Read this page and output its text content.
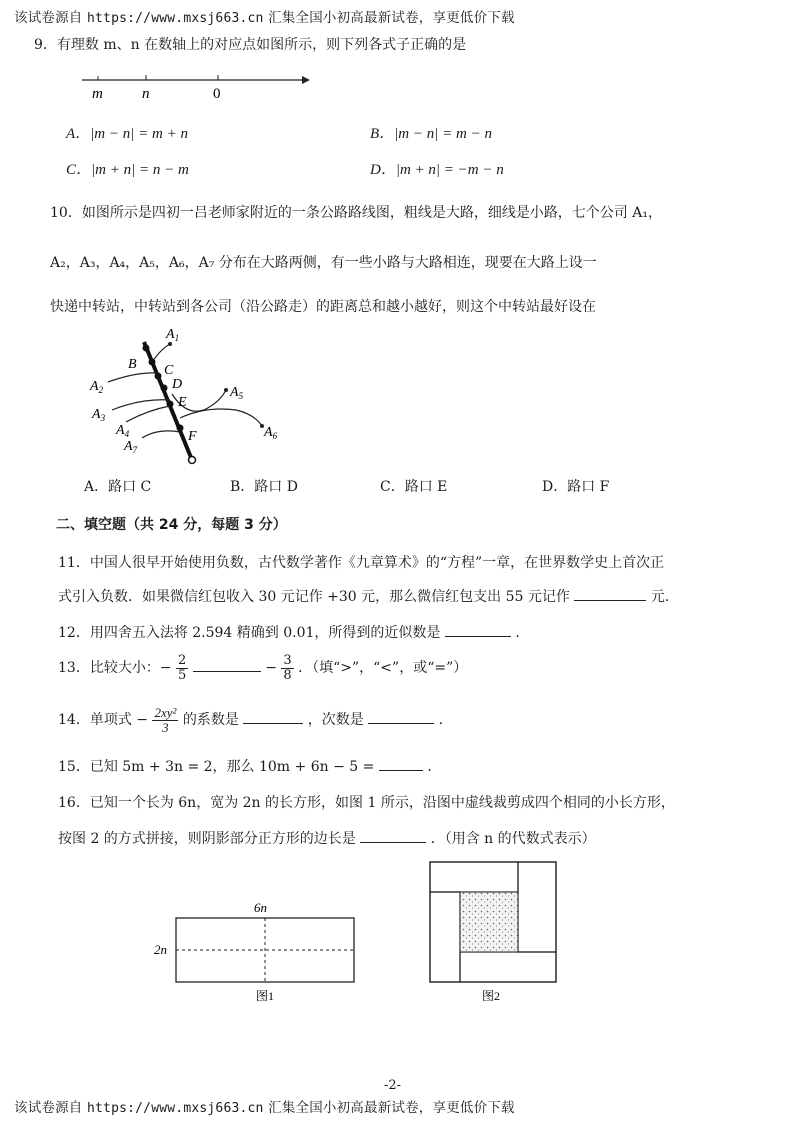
该试卷源自 https://www.mxsj663.cn 汇集全国小初高最新试卷，享更低价下载
9．有理数 m、n 在数轴上的对应点如图所示，则下列各式子正确的是
m	n	0
A．|m − n| = m + n	B．|m − n| = m − n
C．|m + n| = n − m	D．|m + n| = −m − n
10．如图所示是四初一吕老师家附近的一条公路路线图，粗线是大路，细线是小路，七个公司 A₁，
A₂，A₃，A₄，A₅，A₆，A₇ 分布在大路两侧，有一些小路与大路相连，现要在大路上设一
快递中转站，中转站到各公司（沿公路走）的距离总和越小越好，则这个中转站最好设在
$A_1$
B C
D
$A_2$
E
$A_5$
$A_3$
$A_4$	$A_6$
F
$A_7$
A．路口 C	B．路口 D	C．路口 E	D．路口 F
二、填空题（共 24 分，每题 3 分）
11．中国人很早开始使用负数，古代数学著作《九章算术》的“方程”一章，在世界数学史上首次正
式引入负数．如果微信红包收入 30 元记作 +30 元，那么微信红包支出 55 元记作	元.
12．用四舍五入法将 2.594 精确到 0.01，所得到的近似数是	.
13．比较大小：− $\frac{2}{5}$	− $\frac{3}{8}$ ．（填“>”，“<”，或“=”）
14．单项式 − $\frac{\text{2xy²}}{3}$ 的系数是	，次数是	.
15．已知 5m + 3n = 2，那么 10m + 6n − 5 =	.
16．已知一个长为 6n，宽为 2n 的长方形，如图 1 所示，沿图中虚线裁剪成四个相同的小长方形，
按图 2 的方式拼接，则阴影部分正方形的边长是	．（用含 n 的代数式表示）
6n
2n
图1	图2
-2-
该试卷源自 https://www.mxsj663.cn 汇集全国小初高最新试卷，享更低价下载
